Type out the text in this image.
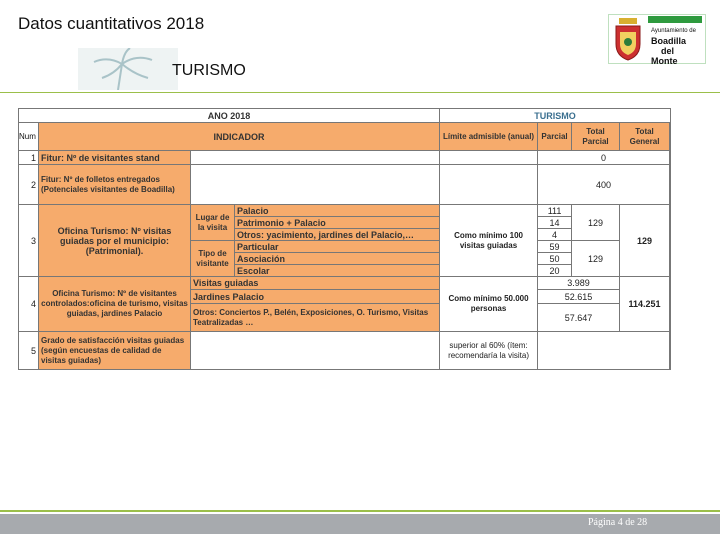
Datos cuantitativos 2018
TURISMO
Ayuntamiento de
Boadilla
del
Monte
ANO 2018				TURISMO				
Num	INDICADOR			Límite admisible (anual)	Parcial	Total Parcial	Total General	
1	Fitur: Nº de visitantes stand				0			
2	Fitur: Nº de folletos entregados (Potenciales visitantes de Boadilla)				400			
3	Oficina Turismo: Nº visitas guiadas por el municipio: (Patrimonial).	Lugar de la visita	Palacio	Como mínimo 100 visitas guiadas	111	129	129	
			Patrimonio + Palacio		14			
			Otros: yacimiento, jardines del Palacio,…		4			
		Tipo de visitante	Particular		59	129		
			Asociación		50			
			Escolar		20			
4	Oficina Turismo: Nº de visitantes controlados:oficina de turismo, visitas guiadas, jardines Palacio	Visitas guiadas		Como mínimo 50.000 personas	3.989		114.251	
		Jardines Palacio			52.615			
		Otros: Conciertos P., Belén, Exposiciones, O. Turismo, Visitas Teatralizadas …			57.647			
5	Grado de satisfacción visitas guiadas (según encuestas de calidad de visitas guiadas)			superior al 60% (ítem: recomendaría la visita)		
Página 4 de 28
